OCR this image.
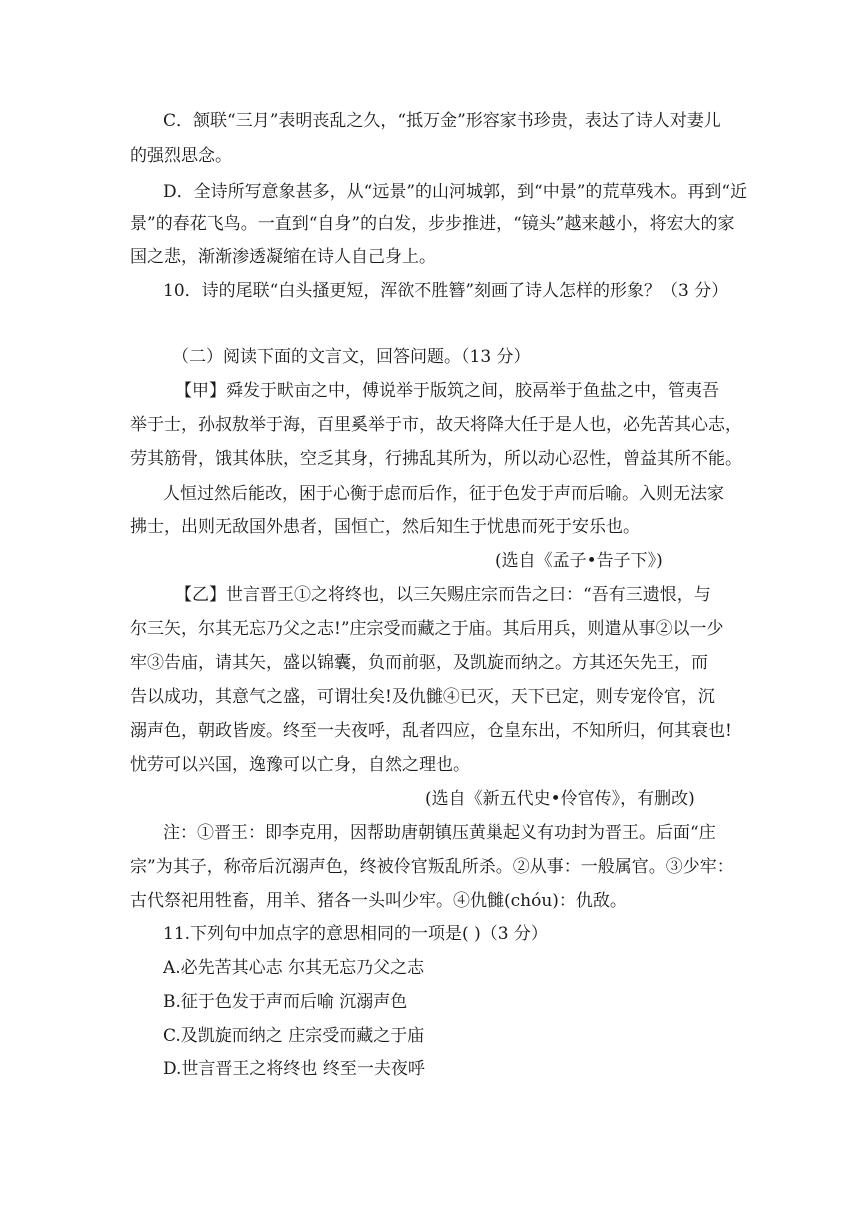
C．颔联“三月”表明丧乱之久，“抵万金”形容家书珍贵，表达了诗人对妻儿
的强烈思念。
D．全诗所写意象甚多，从“远景”的山河城郭，到“中景”的荒草残木。再到“近
景”的春花飞鸟。一直到“自身”的白发，步步推进，“镜头”越来越小，将宏大的家
国之悲，渐渐渗透凝缩在诗人自己身上。
10．诗的尾联“白头搔更短，浑欲不胜簪”刻画了诗人怎样的形象？（3 分）
（二）阅读下面的文言文，回答问题。（13 分）
【甲】舜发于畎亩之中，傅说举于版筑之间，胶鬲举于鱼盐之中，管夷吾
举于士，孙叔敖举于海，百里奚举于市，故天将降大任于是人也，必先苦其心志，
劳其筋骨，饿其体肤，空乏其身，行拂乱其所为，所以动心忍性，曾益其所不能。
人恒过然后能改，困于心衡于虑而后作，征于色发于声而后喻。入则无法家
拂士，出则无敌国外患者，国恒亡，然后知生于忧患而死于安乐也。
(选自《孟子•告子下》)
【乙】世言晋王①之将终也，以三矢赐庄宗而告之曰：“吾有三遗恨，与
尔三矢，尔其无忘乃父之志!”庄宗受而藏之于庙。其后用兵，则遣从事②以一少
牢③告庙，请其矢，盛以锦囊，负而前驱，及凯旋而纳之。方其还矢先王，而
告以成功，其意气之盛，可谓壮矣!及仇雠④已灭，天下已定，则专宠伶官，沉
溺声色，朝政皆废。终至一夫夜呼，乱者四应，仓皇东出，不知所归，何其衰也!
忧劳可以兴国，逸豫可以亡身，自然之理也。
(选自《新五代史•伶官传》，有删改)
注：①晋王：即李克用，因帮助唐朝镇压黄巢起义有功封为晋王。后面“庄
宗”为其子，称帝后沉溺声色，终被伶官叛乱所杀。②从事：一般属官。③少牢：
古代祭祀用牲畜，用羊、猪各一头叫少牢。④仇雠(chóu)：仇敌。
11.下列句中加点字的意思相同的一项是( )（3 分）
A.必先苦其心志 尔其无忘乃父之志
B.征于色发于声而后喻 沉溺声色
C.及凯旋而纳之 庄宗受而藏之于庙
D.世言晋王之将终也 终至一夫夜呼
